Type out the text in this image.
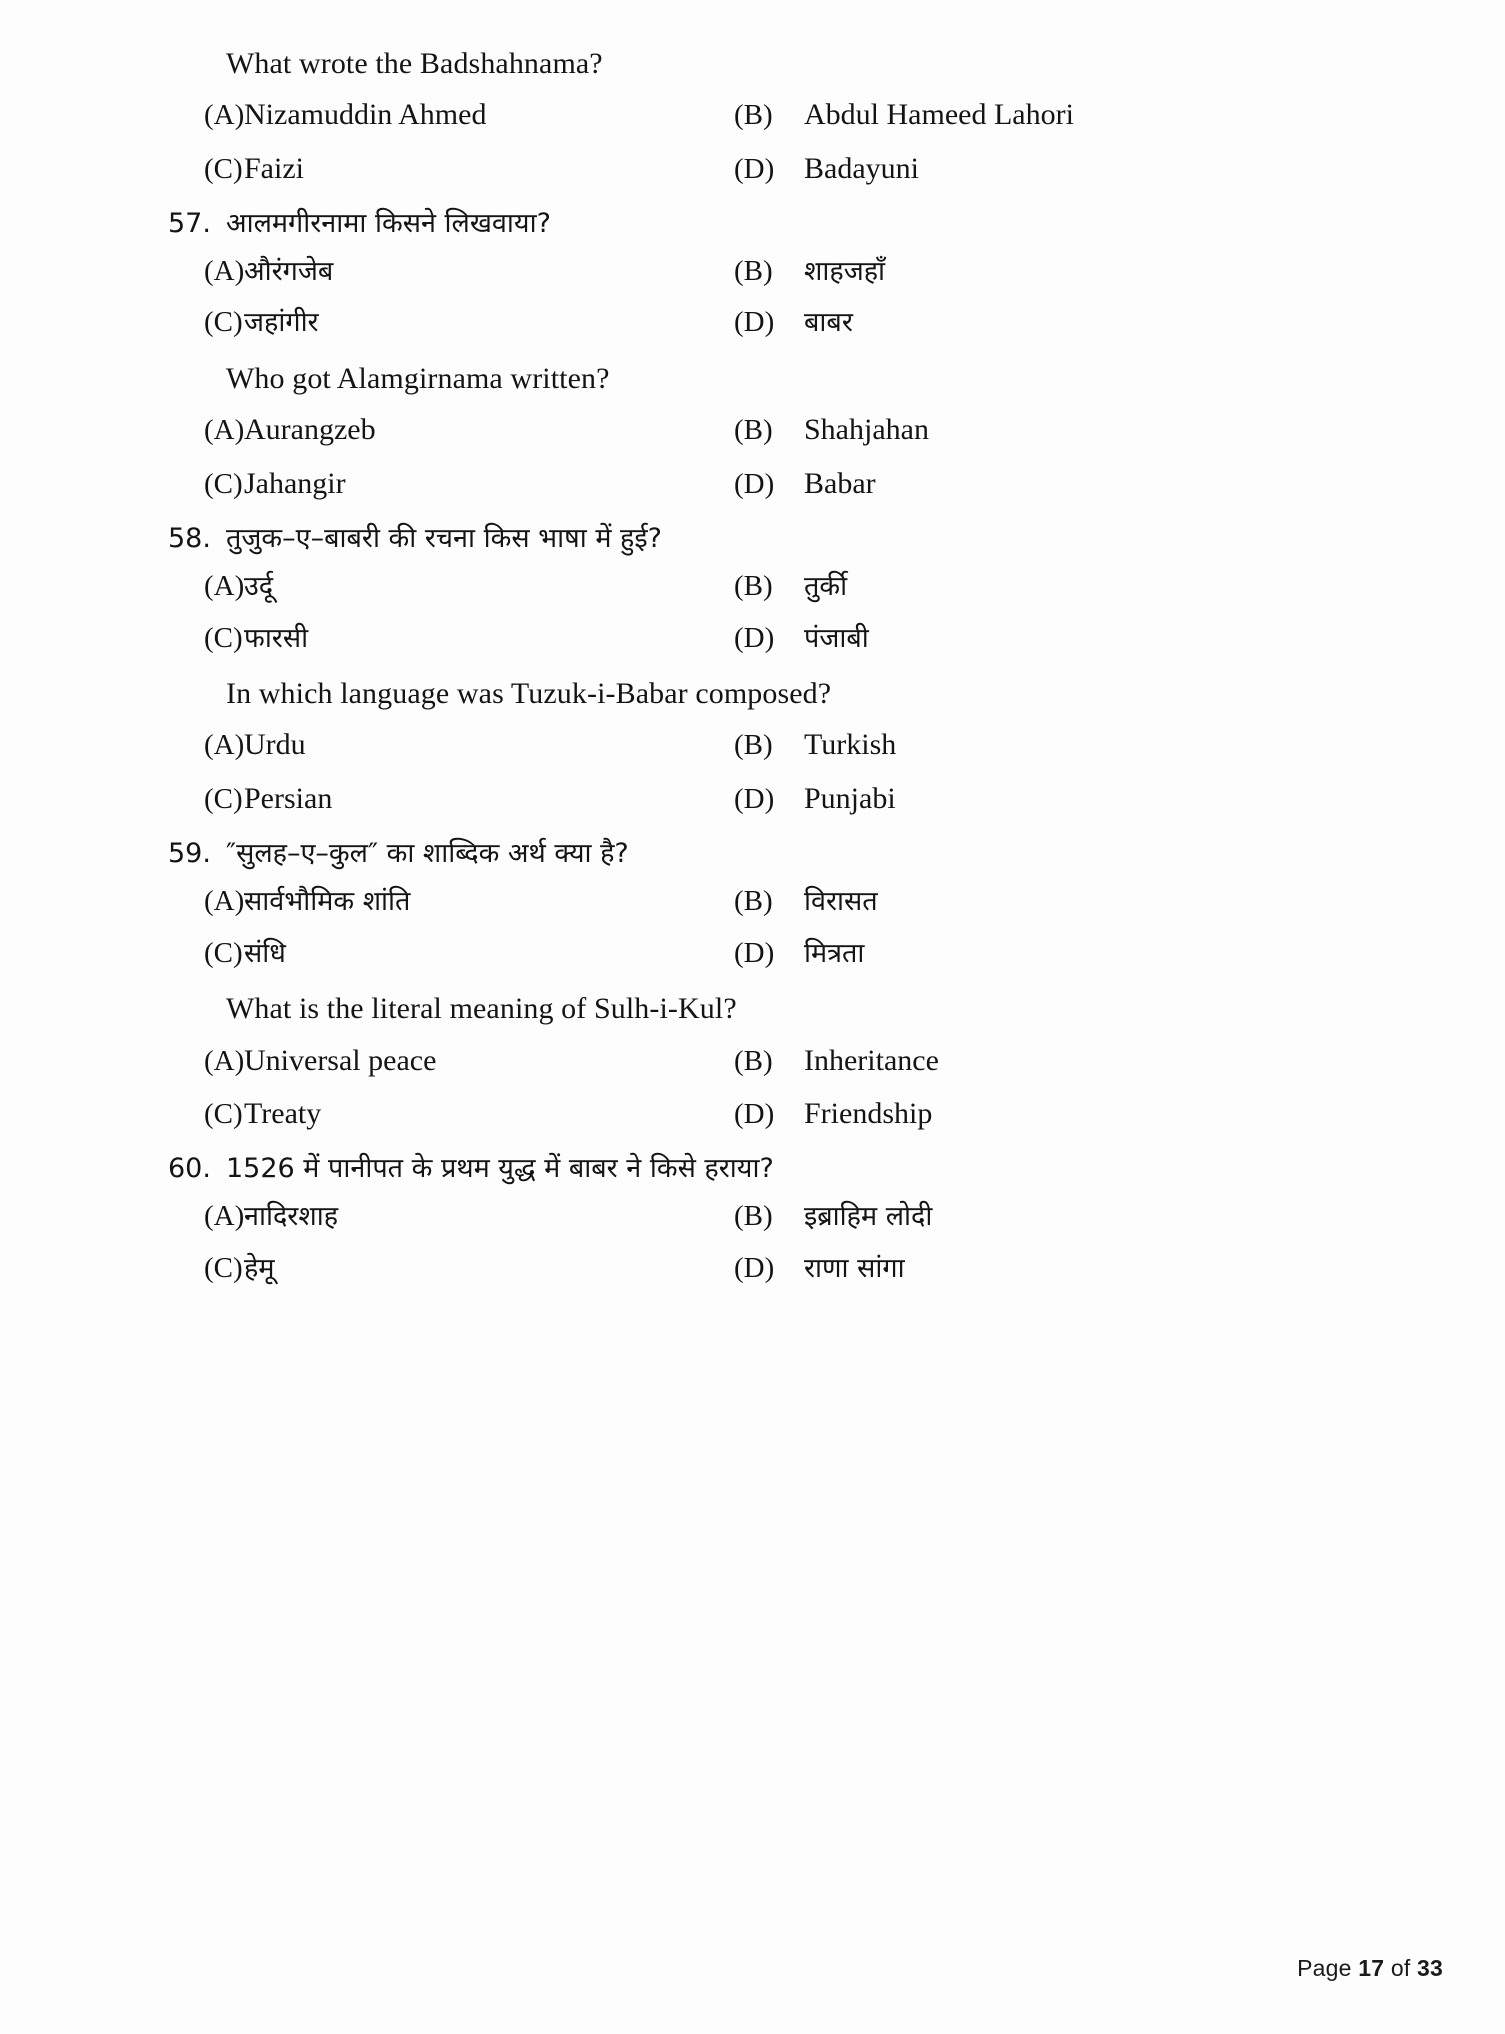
What wrote the Badshahnama?
(A) Nizamuddin Ahmed	(B)	Abdul Hameed Lahori
(C) Faizi	(D) Badayuni
57. आलमगीरनामा किसने लिखवाया?
(A) औरंगजेब	(B)	शाहजहाँ
(C) जहांगीर	(D)	बाबर
Who got Alamgirnama written?
(A) Aurangzeb	(B)	Shahjahan
(C) Jahangir	(D) Babar
58. तुजुक–ए–बाबरी की रचना किस भाषा में हुई?
(A) उर्दू	(B)	तुर्की
(C) फारसी	(D)	पंजाबी
In which language was Tuzuk-i-Babar composed?
(A) Urdu	(B)	Turkish
(C) Persian	(D) Punjabi
59. ″सुलह–ए–कुल″ का शाब्दिक अर्थ क्या है?
(A) सार्वभौमिक शांति	(B)	विरासत
(C) संधि	(D)	मित्रता
What is the literal meaning of Sulh-i-Kul?
(A) Universal peace	(B)	Inheritance
(C) Treaty	(D) Friendship
60. 1526 में पानीपत के प्रथम युद्ध में बाबर ने किसे हराया?
(A) नादिरशाह	(B)	इब्राहिम लोदी
(C) हेमू	(D)	राणा सांगा
Page 17 of 33
